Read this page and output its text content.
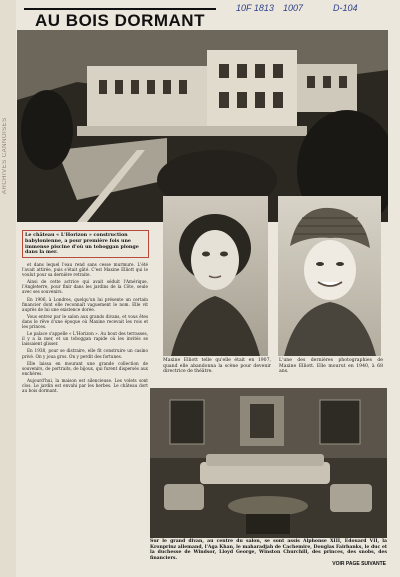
ARCHIVES CANNOISES
10F 1813 1007	D-104
AU BOIS DORMANT
Le château « L'Horizon » construction babylonienne, a pour première fois une immense piscine d'où un toboggan plonge dans la mer.

et dans lequel l'eau rend sans cesse murmure. L'été l'avait attirée, puis s'était gâté. C'est Maxine Elliott qui le voulut pour sa dernière retraite.

Ainsi de cette actrice qui avait séduit l'Amérique, l'Angleterre, pour finir dans les jardins de la Côte, seule avec ses souvenirs.

En 1906, à Londres, quelqu'un lui présente un certain financier dont elle reconnaît vaguement le nom. Elle vit auprès de lui une existence dorée.

Vous entrez par le salon aux grands divans, et vous êtes dans le rêve d'une époque où Maxine recevait les rois et les princes.

Le palace s'appelle « L'Horizon ». Au bout des terrasses, il y a la mer, et un toboggan rapide où les invités se laissaient glisser.

En 1938, pour se distraire, elle fit construire un casino privé. On y joua gros. On y perdit des fortunes.

Elle laissa en mourant une grande collection de souvenirs, de portraits, de bijoux, qui furent dispersés aux enchères.

Aujourd'hui, la maison est silencieuse. Les volets sont clos. Le jardin est envahi par les herbes. Le château dort au bois dormant.

Maxine Elliott telle qu'elle était en 1907, quand elle abandonna la scène pour devenir directrice de théâtre.
L'une des dernières photographies de Maxine Elliott. Elle mourut en 1940, à 68 ans.
Sur le grand divan, au centre du salon, se sont assis Alphonse XIII, Edouard VII, la Kronprinz allemand, l'Aga Khan, le maharadjah de Cachemire, Douglas Fairbanks, le duc et la duchesse de Windsor, Lloyd George, Winston Churchill, des princes, des snobs, des financiers.
VOIR PAGE SUIVANTE
